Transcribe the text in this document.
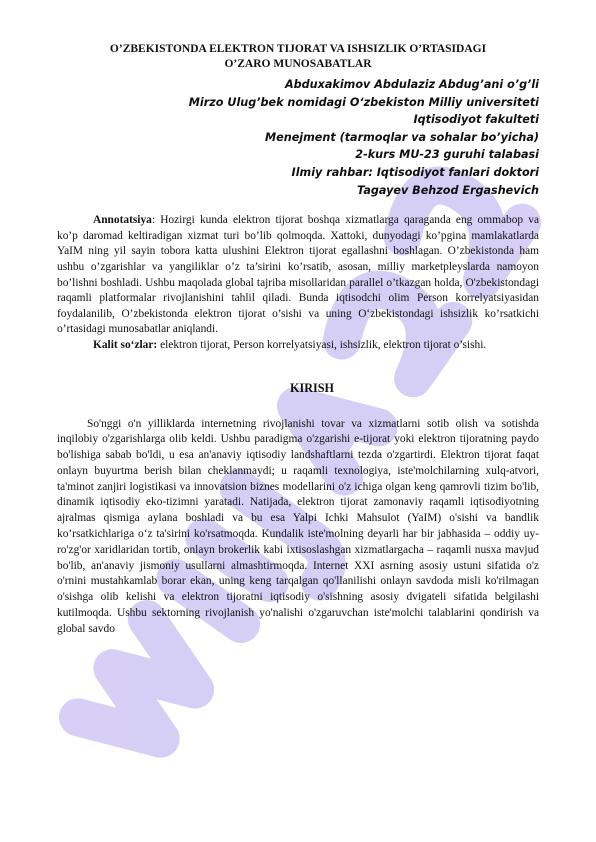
O’ZBEKISTONDA ELEKTRON TIJORAT VA ISHSIZLIK O’RTASIDAGI
O’ZARO MUNOSABATLAR

Abduxakimov Abdulaziz Abdug’ani o’g’li
Mirzo Ulug’bek nomidagi O‘zbekiston Milliy universiteti
Iqtisodiyot fakulteti
Menejment (tarmoqlar va sohalar bo’yicha)
2-kurs MU-23 guruhi talabasi
Ilmiy rahbar: Iqtisodiyot fanlari doktori
Tagayev Behzod Ergashevich

Annotatsiya: Hozirgi kunda elektron tijorat boshqa xizmatlarga qaraganda eng ommabop va ko’p daromad keltiradigan xizmat turi bo’lib qolmoqda. Xattoki, dunyodagi ko’pgina mamlakatlarda YaIM ning yil sayin tobora katta ulushini Elektron tijorat egallashni boshlagan. O’zbekistonda ham ushbu o’zgarishlar va yangiliklar o’z ta’sirini ko’rsatib, asosan, milliy marketpleyslarda namoyon bo’lishni boshladi. Ushbu maqolada global tajriba misollaridan parallel o’tkazgan holda, O'zbekistondagi raqamli platformalar rivojlanishini tahlil qiladi. Bunda iqtisodchi olim Person korrelyatsiyasidan foydalanilib, O’zbekistonda elektron tijorat o’sishi va uning O‘zbekistondagi ishsizlik ko’rsatkichi o’rtasidagi munosabatlar aniqlandi.

Kalit so‘zlar: elektron tijorat, Person korrelyatsiyasi, ishsizlik, elektron tijorat o’sishi.

KIRISH

So'nggi o'n yilliklarda internetning rivojlanishi tovar va xizmatlarni sotib olish va sotishda inqilobiy o'zgarishlarga olib keldi. Ushbu paradigma o'zgarishi e-tijorat yoki elektron tijoratning paydo bo'lishiga sabab bo'ldi, u esa an'anaviy iqtisodiy landshaftlarni tezda o'zgartirdi. Elektron tijorat faqat onlayn buyurtma berish bilan cheklanmaydi; u raqamli texnologiya, iste'molchilarning xulq-atvori, ta'minot zanjiri logistikasi va innovatsion biznes modellarini o'z ichiga olgan keng qamrovli tizim bo'lib, dinamik iqtisodiy eko-tizimni yaratadi. Natijada, elektron tijorat zamonaviy raqamli iqtisodiyotning ajralmas qismiga aylana boshladi va bu esa Yalpi Ichki Mahsulot (YaIM) o'sishi va bandlik ko’rsatkichlariga o‘z ta'sirini ko'rsatmoqda. Kundalik iste'molning deyarli har bir jabhasida – oddiy uy-ro'zg'or xaridlaridan tortib, onlayn brokerlik kabi ixtisoslashgan xizmatlargacha – raqamli nusxa mavjud bo'lib, an'anaviy jismoniy usullarni almashtirmoqda. Internet XXI asrning asosiy ustuni sifatida o'z o'rnini mustahkamlab borar ekan, uning keng tarqalgan qo'llanilishi onlayn savdoda misli ko'rilmagan o'sishga olib kelishi va elektron tijoratni iqtisodiy o'sishning asosiy dvigateli sifatida belgilashi kutilmoqda. Ushbu sektorning rivojlanish yo'nalishi o'zgaruvchan iste'molchi talablarini qondirish va global savdo
